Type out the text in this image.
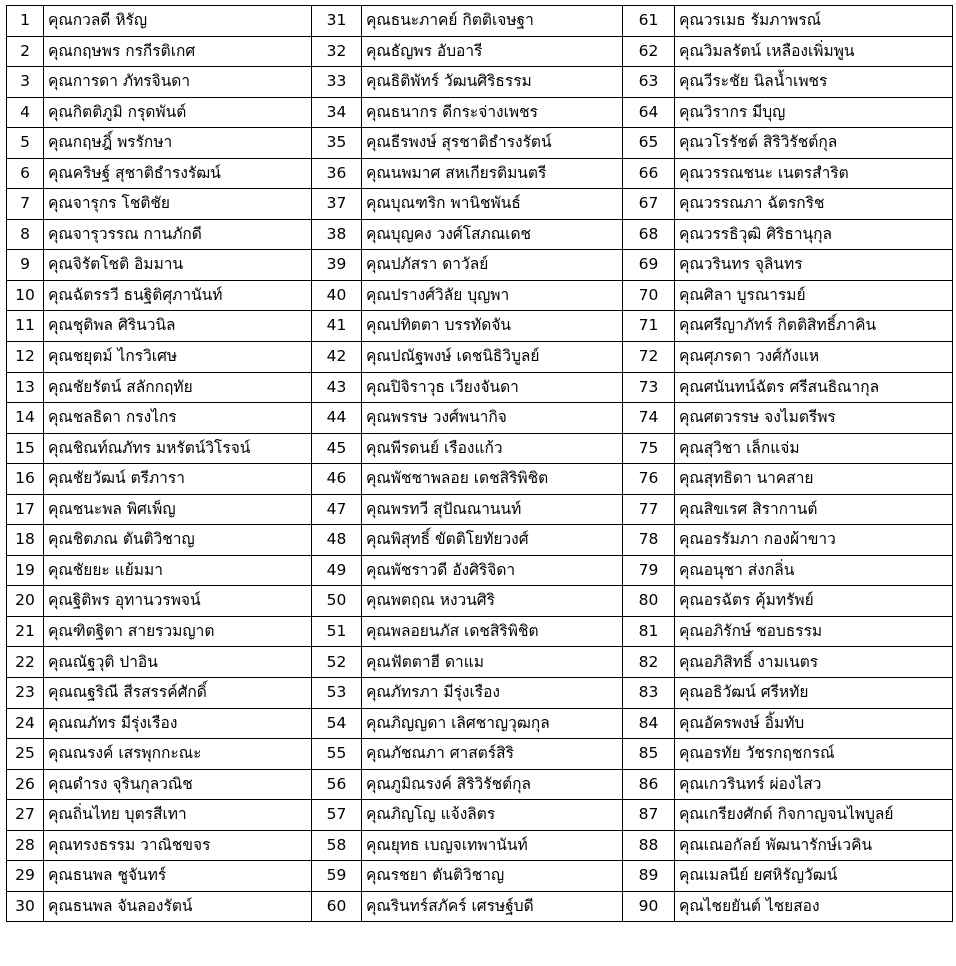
1	คุณกวลดี หิรัญ	31	คุณธนะภาคย์ กิตติเจษฐา	61	คุณวรเมธ รัมภาพรณ์
2	คุณกฤษพร กรกีรติเกศ	32	คุณธัญพร อับอารี	62	คุณวิมลรัตน์ เหลืองเพิ่มพูน
3	คุณการดา ภัทรจินดา	33	คุณธิติพัทร์ วัฒนศิริธรรม	63	คุณวีระชัย นิลน้ำเพชร
4	คุณกิตติภูมิ กรุดพันต์	34	คุณธนากร ดีกระจ่างเพชร	64	คุณวิรากร มีบุญ
5	คุณกฤษฎิ์ พรรักษา	35	คุณธีรพงษ์ สุรชาติธำรงรัตน์	65	คุณวโรรัชต์ สิริวิรัชต์กุล
6	คุณคริษฐ์ สุชาติธำรงรัฒน์	36	คุณนพมาศ สหเกียรติมนตรี	66	คุณวรรณชนะ เนตรสำริต
7	คุณจารุกร โชติชัย	37	คุณบุณฑริก พานิชพันธ์	67	คุณวรรณภา ฉัตรกริช
8	คุณจารุวรรณ กานภักดี	38	คุณบุญคง วงศ์โสภณเดช	68	คุณวรรธิวุฒิ ศิริธานุกุล
9	คุณจิรัตโชติ อิมมาน	39	คุณปภัสรา ดาวัลย์	69	คุณวรินทร จุลินทร
10	คุณฉัตรรวี ธนฐิติศุภานันท์	40	คุณปรางศ์วิลัย บุญพา	70	คุณศิลา บูรณารมย์
11	คุณชุติพล ศิรินวนิล	41	คุณปทิตตา บรรทัดจัน	71	คุณศรีญาภัทร์ กิตติสิทธิ์ภาคิน
12	คุณชยุตม์ ไกรวิเศษ	42	คุณปณัฐพงษ์ เดชนิธิวิบูลย์	72	คุณศุภรดา วงศ์กังแห
13	คุณชัยรัตน์ สลักกฤทัย	43	คุณปิจิราวุธ เวียงจันดา	73	คุณศนันทน์ฉัตร ศรีสนธิณากุล
14	คุณชลธิดา กรงไกร	44	คุณพรรษ วงศ์พนากิจ	74	คุณศตวรรษ จงไมตรีพร
15	คุณชิณท์ณภัทร มหรัตน์วิโรจน์	45	คุณพีรดนย์ เรืองแก้ว	75	คุณสุวิชา เล็กแจ่ม
16	คุณชัยวัฒน์ ตรีภารา	46	คุณพัชชาพลอย เดชสิริพิชิต	76	คุณสุทธิดา นาคสาย
17	คุณชนะพล พิศเพ็ญ	47	คุณพรทวี สุปัณณานนท์	77	คุณสิขเรศ สิรากานต์
18	คุณชิตภณ ตันติวิชาญ	48	คุณพิสุทธิ์ ขัตติโยทัยวงศ์	78	คุณอรรัมภา กองผ้าขาว
19	คุณชัยยะ แย้มมา	49	คุณพัชราวดี อังศิริจิดา	79	คุณอนุชา ส่งกลิ่น
20	คุณฐิติพร อุทานวรพจน์	50	คุณพตฤณ หงวนศิริ	80	คุณอรฉัตร คุ้มทรัพย์
21	คุณฑิตฐิตา สายรวมญาต	51	คุณพลอยนภัส เดชสิริพิชิต	81	คุณอภิรักษ์ ชอบธรรม
22	คุณณัฐวุติ ปาอิน	52	คุณฟัตตาฮี ดาแม	82	คุณอภิสิทธิ์ งามเนตร
23	คุณณฐริณี สีรสรรค์ศักดิ์	53	คุณภัทรภา มีรุ่งเรือง	83	คุณอธิวัฒน์ ศรีหทัย
24	คุณณภัทร มีรุ่งเรือง	54	คุณภิญญดา เลิศชาญวุฒกุล	84	คุณอัครพงษ์ อิ้มทับ
25	คุณณรงค์ เสรพุกกะณะ	55	คุณภัชณภา ศาสตร์สิริ	85	คุณอรทัย วัชรกฤชกรณ์
26	คุณดำรง จุรินกุลวณิช	56	คุณภูมิณรงค์ สิริวิรัชต์กุล	86	คุณเกวรินทร์ ผ่องไสว
27	คุณถิ่นไทย บุตรสีเทา	57	คุณภิญโญ แจ้งลิตร	87	คุณเกรียงศักด์ กิจกาญจนไพบูลย์
28	คุณทรงธรรม วาณิชขจร	58	คุณยุทธ เบญจเทพานันท์	88	คุณเณอกัลย์ พัฒนารักษ์เวคิน
29	คุณธนพล ชูจันทร์	59	คุณรชยา ตันติวิชาญ	89	คุณเมลนีย์ ยศหิรัญวัฒน์
30	คุณธนพล จันลองรัตน์	60	คุณรินทร์สภัคร์ เศรษฐ์บดี	90	คุณไชยยันต์ ไชยสอง
